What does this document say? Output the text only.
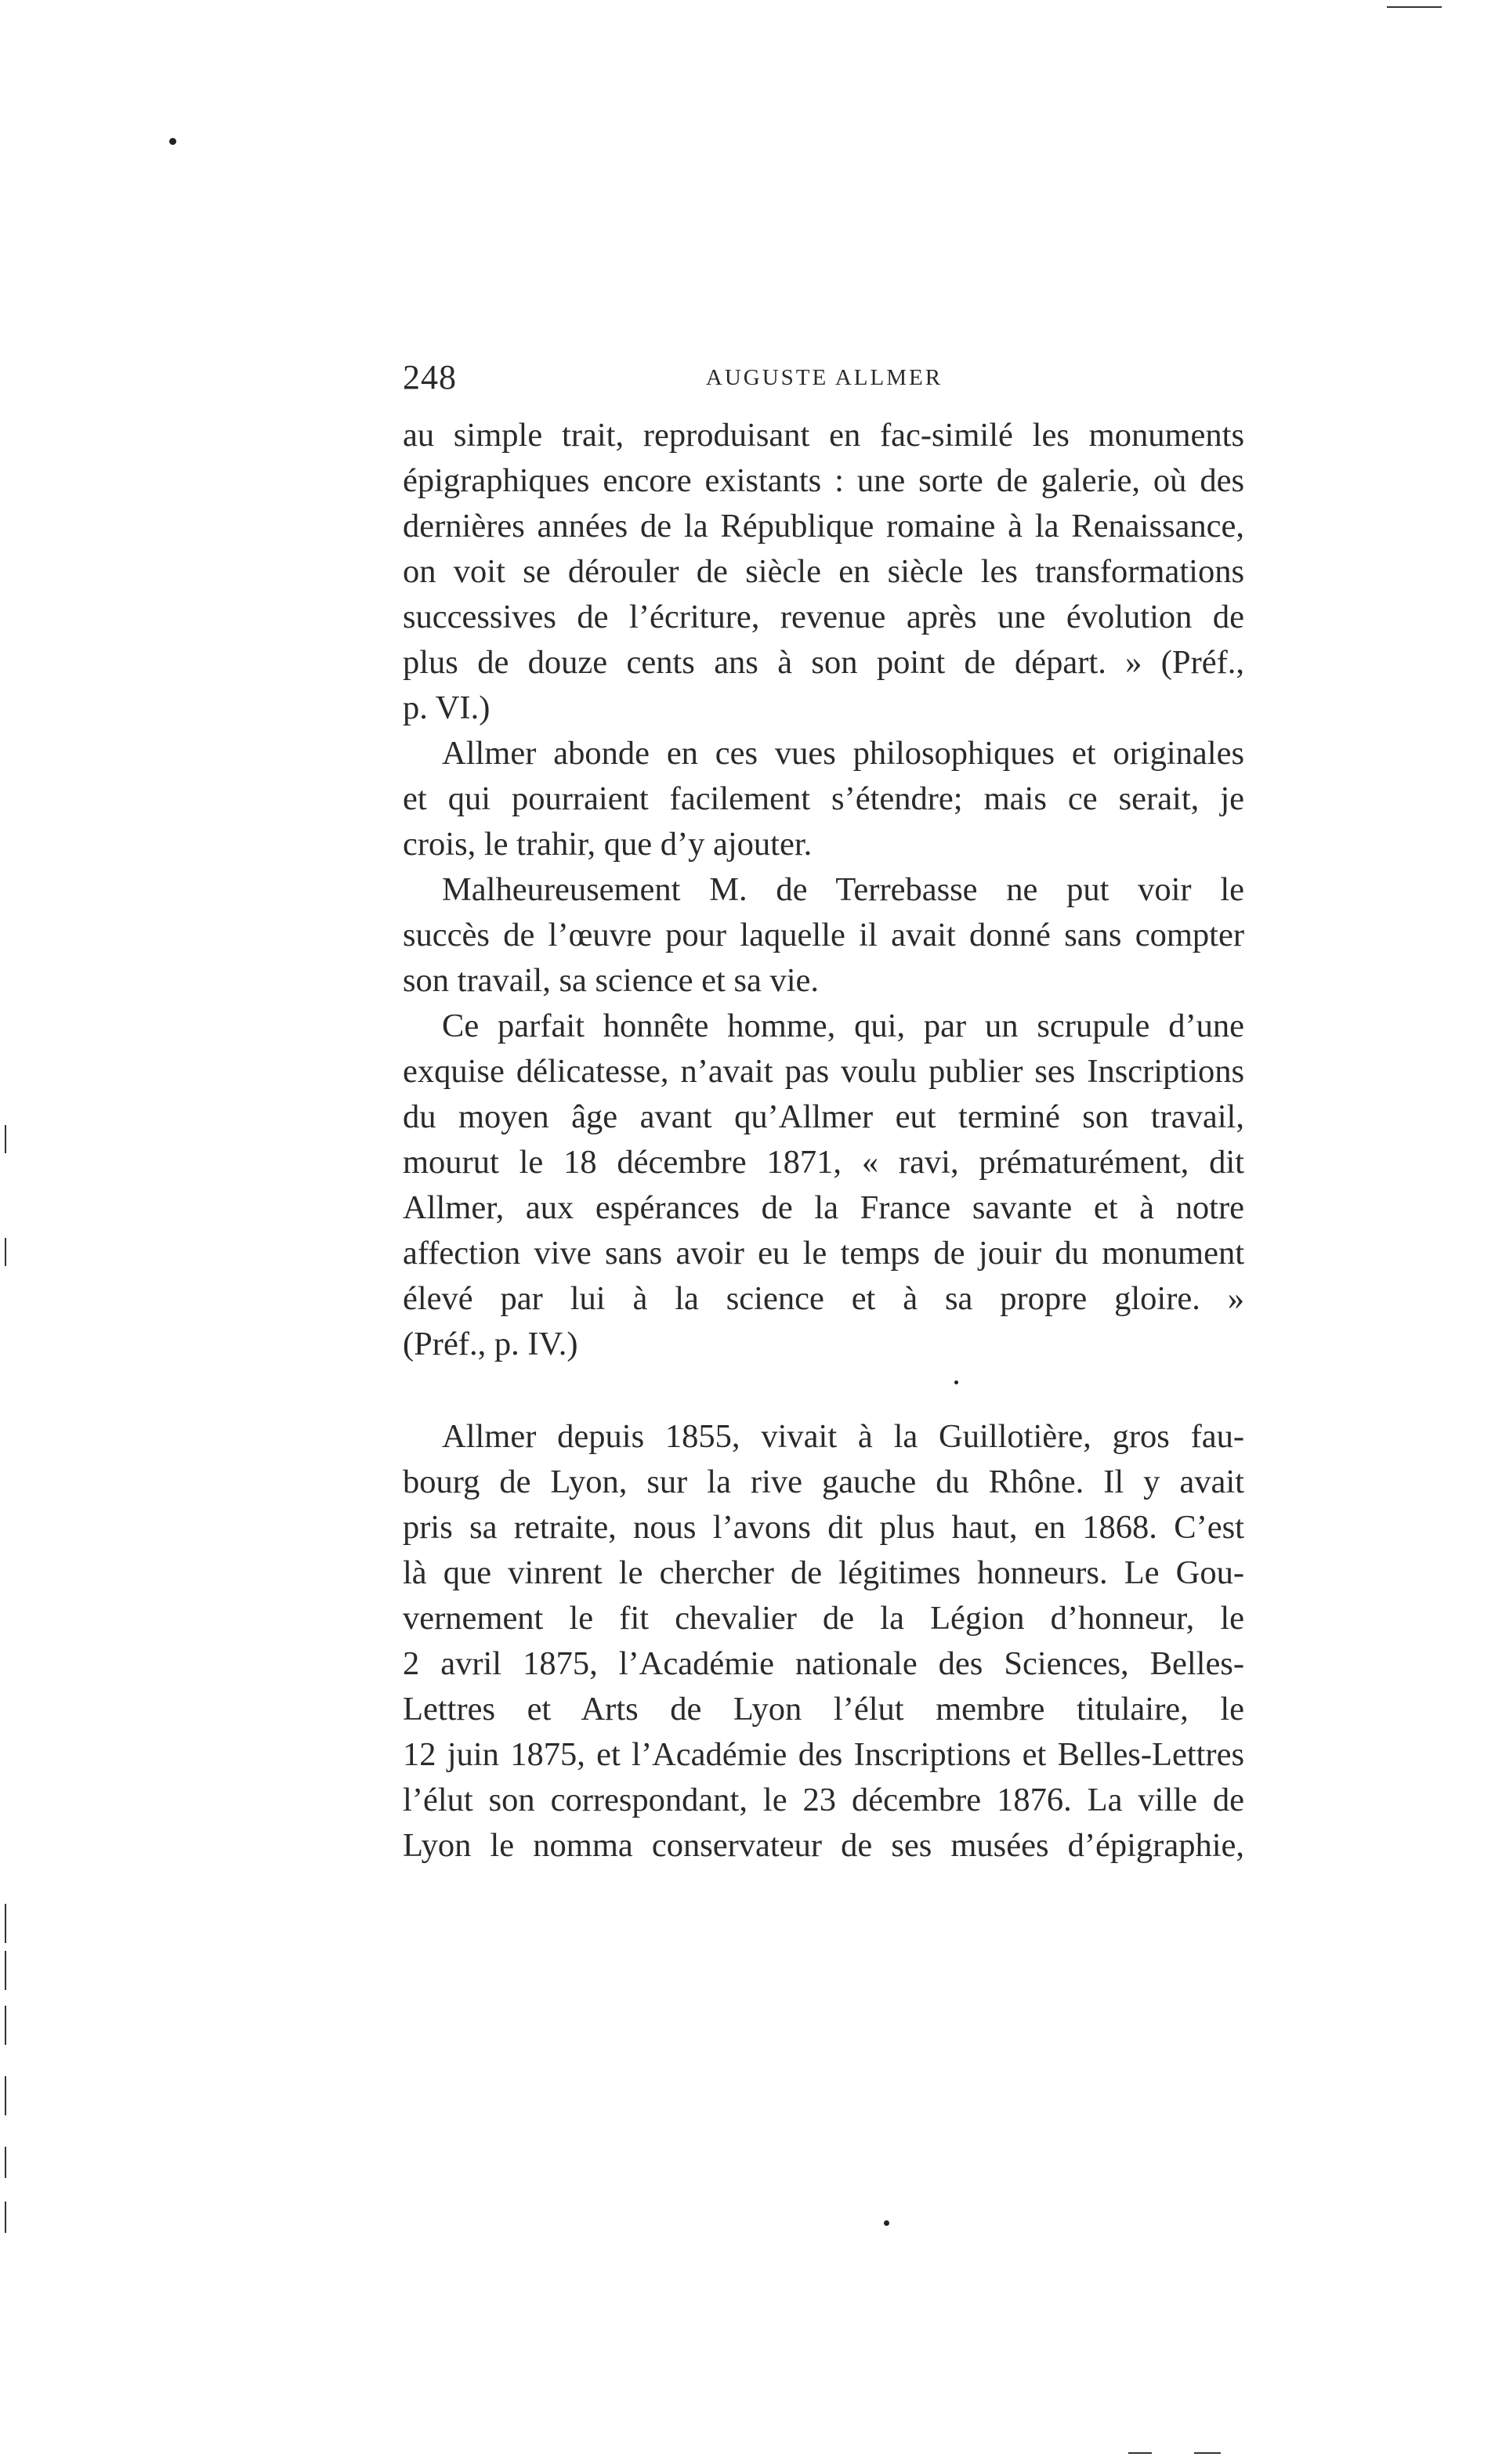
248	AUGUSTE ALLMER

au simple trait, reproduisant en fac-similé les monuments
épigraphiques encore existants : une sorte de galerie, où des
dernières années de la République romaine à la Renaissance,
on voit se dérouler de siècle en siècle les transformations
successives de l’écriture, revenue après une évolution de
plus de douze cents ans à son point de départ. » (Préf.,
p. VI.)

Allmer abonde en ces vues philosophiques et originales
et qui pourraient facilement s’étendre; mais ce serait, je
crois, le trahir, que d’y ajouter.

Malheureusement M. de Terrebasse ne put voir le
succès de l’œuvre pour laquelle il avait donné sans compter
son travail, sa science et sa vie.

Ce parfait honnête homme, qui, par un scrupule d’une
exquise délicatesse, n’avait pas voulu publier ses Inscriptions
du moyen âge avant qu’Allmer eut terminé son travail,
mourut le 18 décembre 1871, « ravi, prématurément, dit
Allmer, aux espérances de la France savante et à notre
affection vive sans avoir eu le temps de jouir du monument
élevé par lui à la science et à sa propre gloire. »
(Préf., p. IV.)

Allmer depuis 1855, vivait à la Guillotière, gros fau-
bourg de Lyon, sur la rive gauche du Rhône. Il y avait
pris sa retraite, nous l’avons dit plus haut, en 1868. C’est
là que vinrent le chercher de légitimes honneurs. Le Gou-
vernement le fit chevalier de la Légion d’honneur, le
2 avril 1875, l’Académie nationale des Sciences, Belles-
Lettres et Arts de Lyon l’élut membre titulaire, le
12 juin 1875, et l’Académie des Inscriptions et Belles-Lettres
l’élut son correspondant, le 23 décembre 1876. La ville de
Lyon le nomma conservateur de ses musées d’épigraphie,
